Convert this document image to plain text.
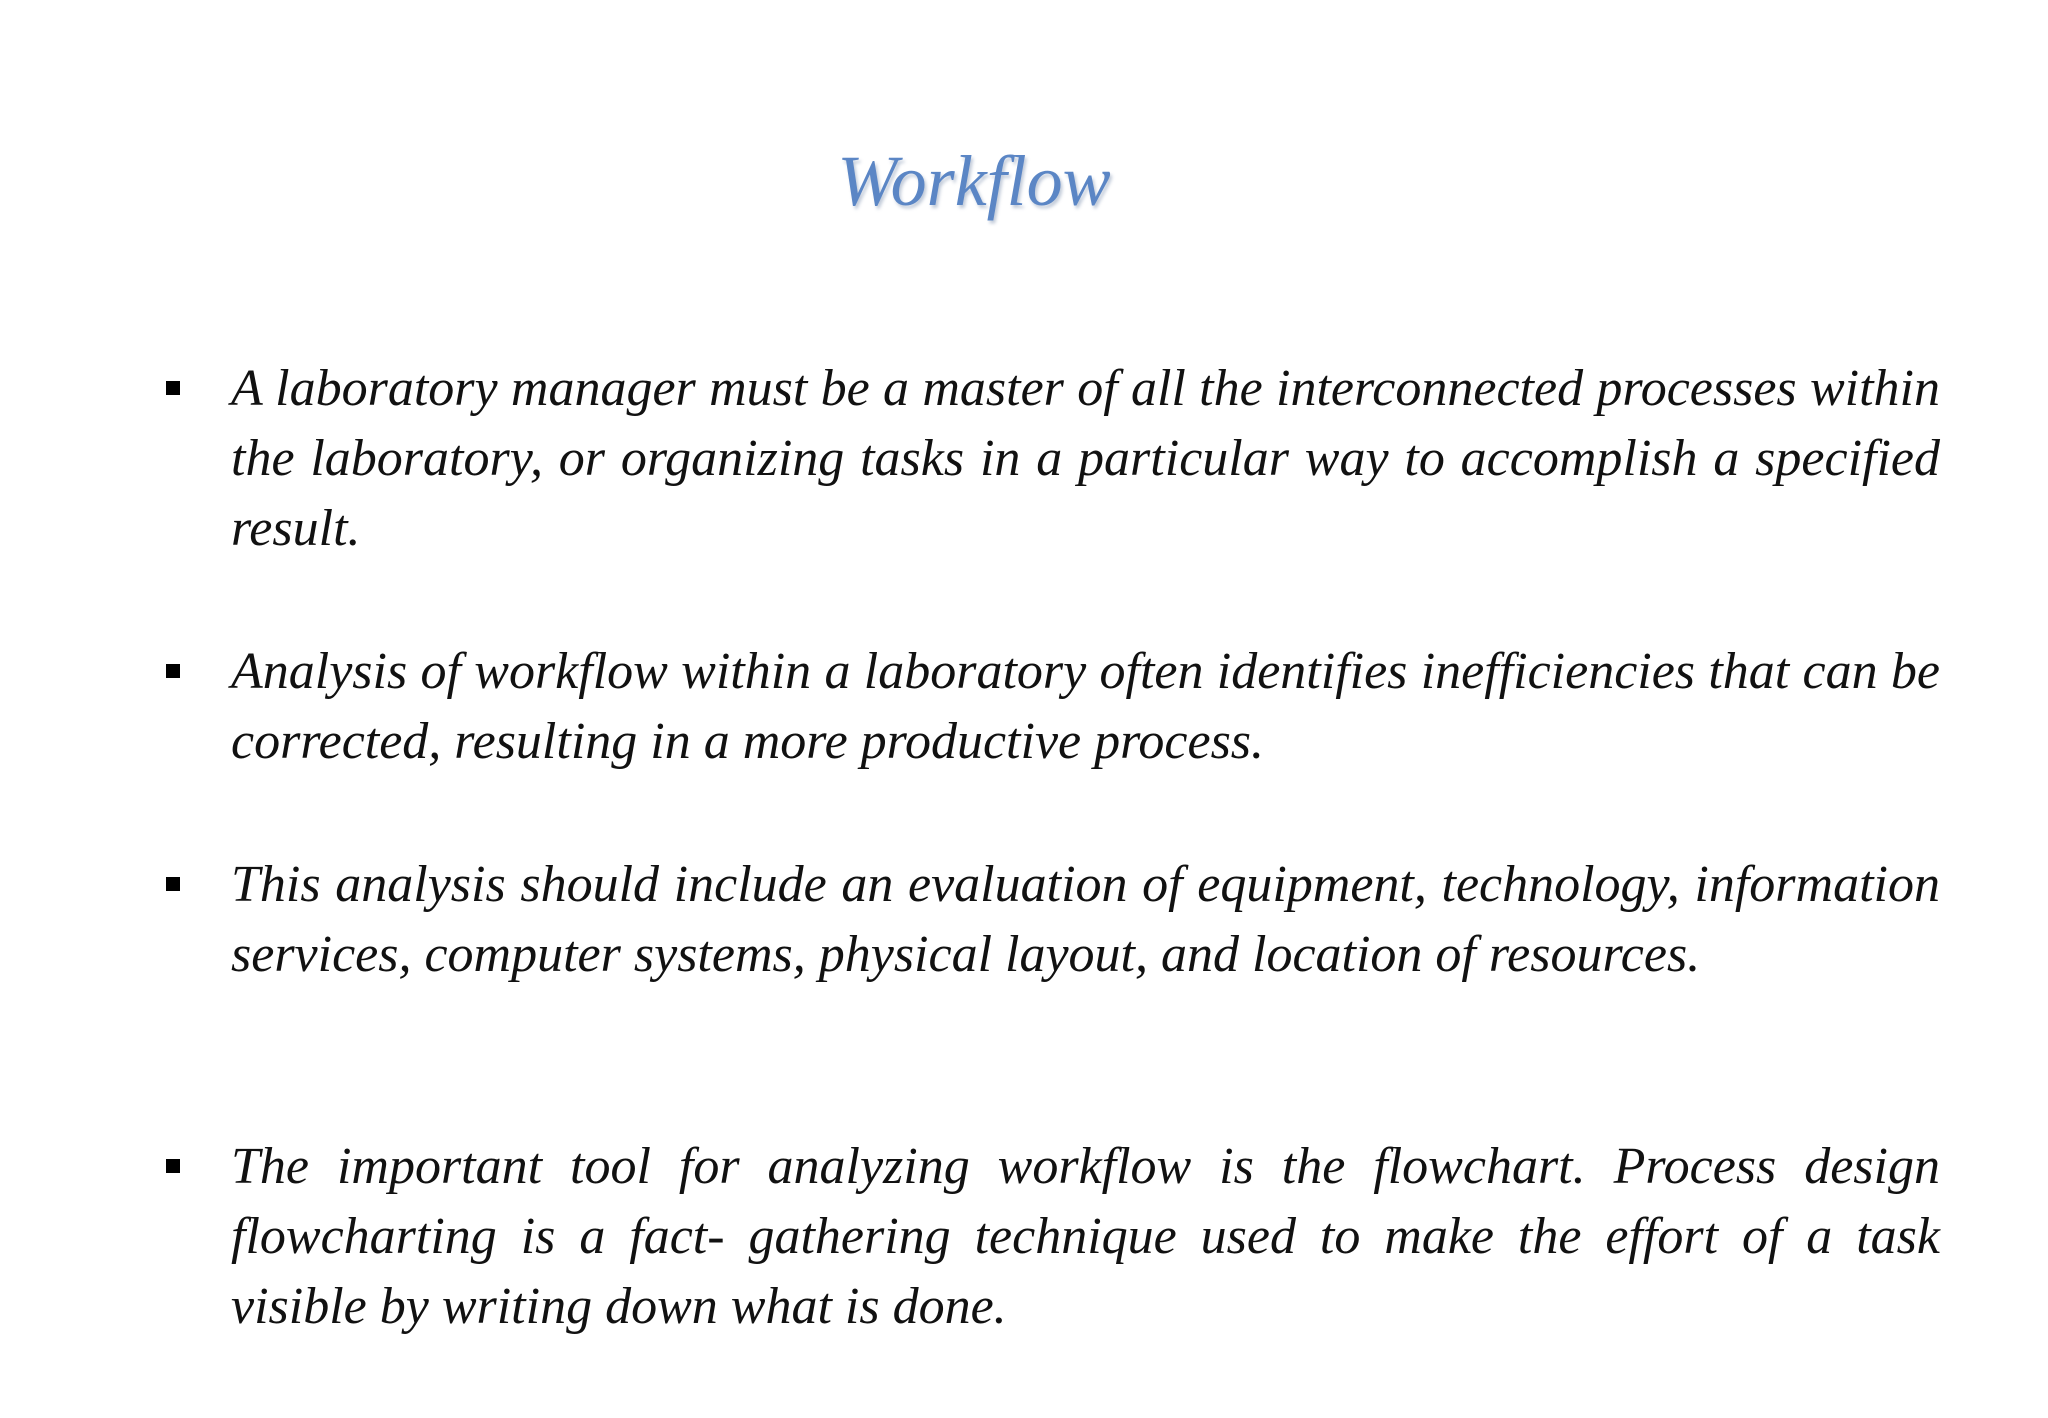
Workflow

A laboratory manager must be a master of all the interconnected processes within the laboratory, or organizing tasks in a particular way to accomplish a specified result.

Analysis of workflow within a laboratory often identifies inefficiencies that can be corrected, resulting in a more productive process.

This analysis should include an evaluation of equipment, technology, information services, computer systems, physical layout, and location of resources.

The important tool for analyzing workflow is the flowchart. Process design flowcharting is a fact- gathering technique used to make the effort of a task visible by writing down what is done.
